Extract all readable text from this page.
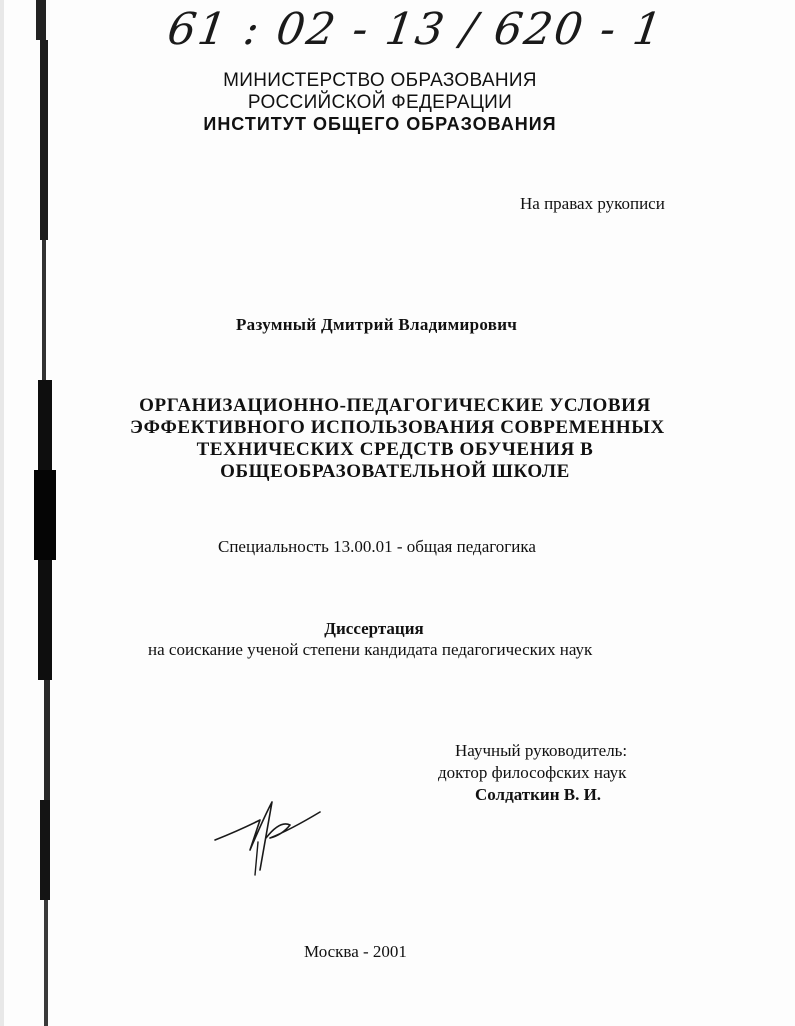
61 : 02 - 13 / 620 - 1
МИНИСТЕРСТВО ОБРАЗОВАНИЯ
РОССИЙСКОЙ ФЕДЕРАЦИИ
ИНСТИТУТ ОБЩЕГО ОБРАЗОВАНИЯ
На правах рукописи
Разумный Дмитрий Владимирович
ОРГАНИЗАЦИОННО-ПЕДАГОГИЧЕСКИЕ УСЛОВИЯ
ЭФФЕКТИВНОГО ИСПОЛЬЗОВАНИЯ СОВРЕМЕННЫХ
ТЕХНИЧЕСКИХ СРЕДСТВ ОБУЧЕНИЯ В
ОБЩЕОБРАЗОВАТЕЛЬНОЙ ШКОЛЕ
Специальность 13.00.01 - общая педагогика
Диссертация
на соискание ученой степени кандидата педагогических наук
Научный руководитель:
доктор философских наук
Солдаткин В. И.
Москва - 2001
